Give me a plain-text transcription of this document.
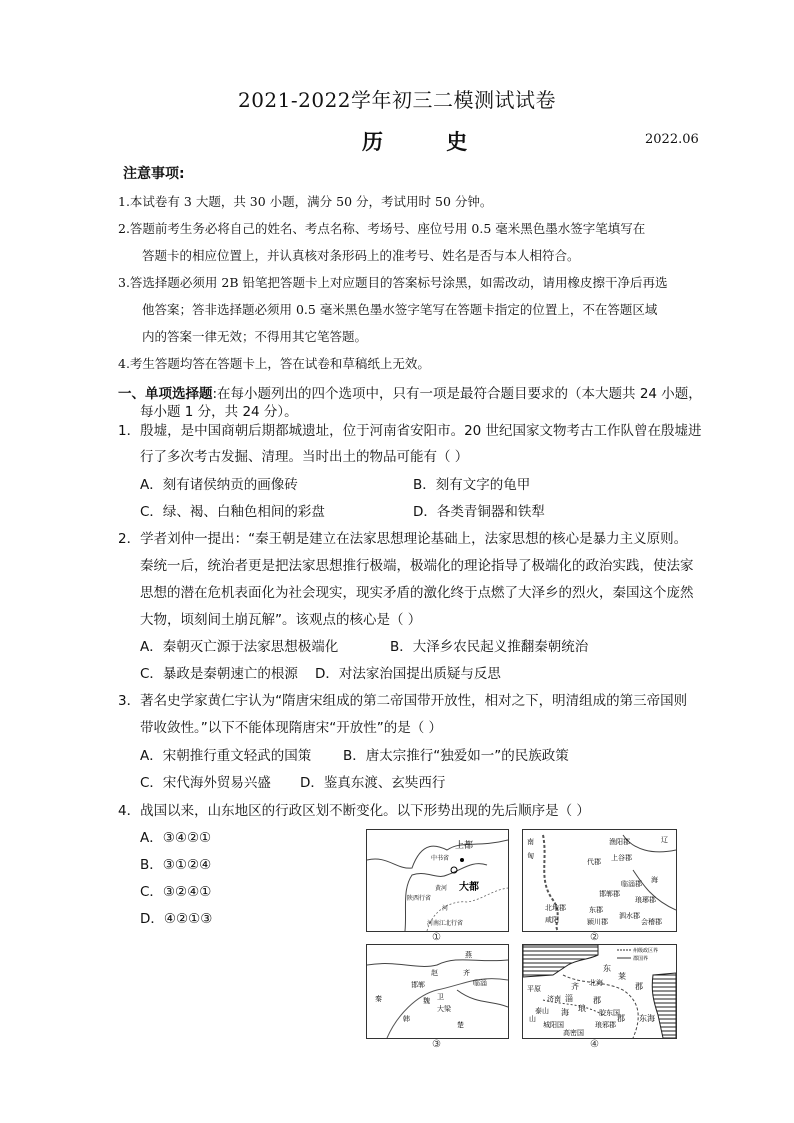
2021-2022学年初三二模测试试卷
历 史	2022.06
注意事项:
1.本试卷有 3 大题，共 30 小题，满分 50 分，考试用时 50 分钟。
2.答题前考生务必将自己的姓名、考点名称、考场号、座位号用 0.5 毫米黑色墨水签字笔填写在
答题卡的相应位置上，并认真核对条形码上的准考号、姓名是否与本人相符合。
3.答选择题必须用 2B 铅笔把答题卡上对应题目的答案标号涂黑，如需改动，请用橡皮擦干净后再选
他答案；答非选择题必须用 0.5 毫米黑色墨水签字笔写在答题卡指定的位置上，不在答题区域
内的答案一律无效；不得用其它笔答题。
4.考生答题均答在答题卡上，答在试卷和草稿纸上无效。
一、单项选择题:在每小题列出的四个选项中，只有一项是最符合题目要求的（本大题共 24 小题，
每小题 1 分，共 24 分）。
1．殷墟，是中国商朝后期都城遗址，位于河南省安阳市。20 世纪国家文物考古工作队曾在殷墟进
行了多次考古发掘、清理。当时出土的物品可能有（ ）
A．刻有诸侯纳贡的画像砖	B．刻有文字的龟甲
C．绿、褐、白釉色相间的彩盘	D．各类青铜器和铁犁
2．学者刘仲一提出：“秦王朝是建立在法家思想理论基础上，法家思想的核心是暴力主义原则。
秦统一后，统治者更是把法家思想推行极端，极端化的理论指导了极端化的政治实践，使法家
思想的潜在危机表面化为社会现实，现实矛盾的激化终于点燃了大泽乡的烈火，秦国这个庞然
大物，顷刻间土崩瓦解”。该观点的核心是（ ）
A．秦朝灭亡源于法家思想极端化	B．大泽乡农民起义推翻秦朝统治
C．暴政是秦朝速亡的根源 D．对法家治国提出质疑与反思
3．著名史学家黄仁宇认为“隋唐宋组成的第二帝国带开放性，相对之下，明清组成的第三帝国则
带收敛性。”以下不能体现隋唐宋“开放性”的是（ ）
A．宋朝推行重文轻武的国策 B．唐太宗推行“独爱如一”的民族政策
C．宋代海外贸易兴盛 D．鉴真东渡、玄奘西行
4．战国以来，山东地区的行政区划不断变化。以下形势出现的先后顺序是（ ）
A．③④②①
B．③①②④
C．③②④①
D．④②①③
上都
中书省
大都
黄河
陕西行省
河南江北行省
河
①
南
匈
渔阳郡	辽
代郡 上谷郡
临淄郡
邯郸郡
北地郡
咸阳
东郡
颍川郡
海
琅琊郡
会稽郡
泗水郡
②
燕
赵
邯郸
齐
临淄
大梁
魏 卫
韩
楚
秦
③
州级政区界
郡国界
东
莱
郡
平原	齐
济南
北海
淄	郡
泰山	琅
海	胶东国
郡 东海
城阳国	琅邪郡
山
高密国
④
